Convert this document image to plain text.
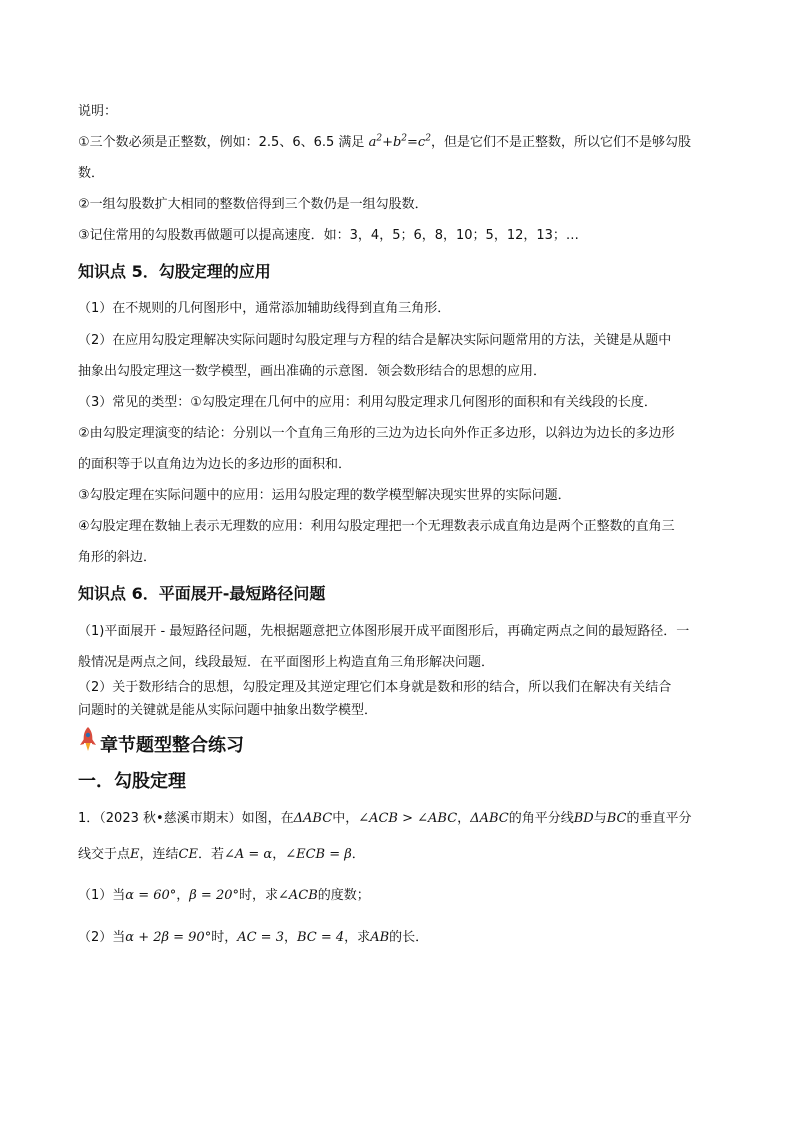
说明：
①三个数必须是正整数，例如：2.5、6、6.5 满足 $a^2+b^2=c^2$，但是它们不是正整数，所以它们不是够勾股
数．
②一组勾股数扩大相同的整数倍得到三个数仍是一组勾股数．
③记住常用的勾股数再做题可以提高速度．如：3，4，5；6，8，10；5，12，13；…
知识点 5．勾股定理的应用
（1）在不规则的几何图形中，通常添加辅助线得到直角三角形．
（2）在应用勾股定理解决实际问题时勾股定理与方程的结合是解决实际问题常用的方法，关键是从题中
抽象出勾股定理这一数学模型，画出准确的示意图．领会数形结合的思想的应用．
（3）常见的类型：①勾股定理在几何中的应用：利用勾股定理求几何图形的面积和有关线段的长度．
②由勾股定理演变的结论：分别以一个直角三角形的三边为边长向外作正多边形，以斜边为边长的多边形
的面积等于以直角边为边长的多边形的面积和．
③勾股定理在实际问题中的应用：运用勾股定理的数学模型解决现实世界的实际问题．
④勾股定理在数轴上表示无理数的应用：利用勾股定理把一个无理数表示成直角边是两个正整数的直角三
角形的斜边．
知识点 6．平面展开-最短路径问题
（1)平面展开 - 最短路径问题，先根据题意把立体图形展开成平面图形后，再确定两点之间的最短路径．一
般情况是两点之间，线段最短．在平面图形上构造直角三角形解决问题．
（2）关于数形结合的思想，勾股定理及其逆定理它们本身就是数和形的结合，所以我们在解决有关结合
问题时的关键就是能从实际问题中抽象出数学模型．
章节题型整合练习
一．勾股定理
1．（2023 秋•慈溪市期末）如图，在ΔABC中，∠ACB > ∠ABC，ΔABC的角平分线BD与BC的垂直平分
线交于点E，连结CE．若∠A = α，∠ECB = β．
（1）当α = 60°，β = 20°时，求∠ACB的度数；
（2）当α + 2β = 90°时，AC = 3，BC = 4，求AB的长．
